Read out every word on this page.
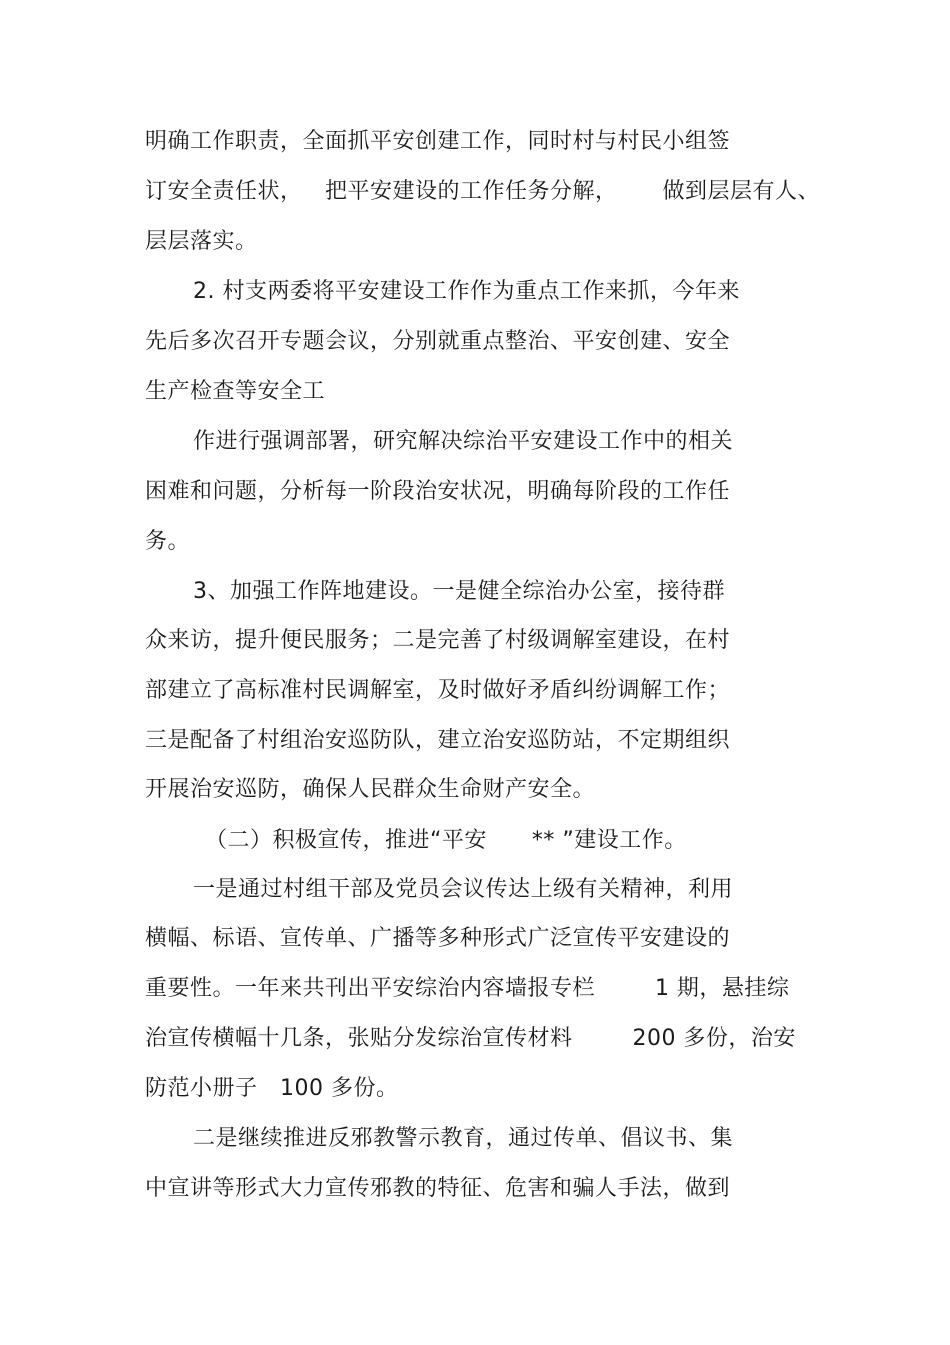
明确工作职责，全面抓平安创建工作，同时村与村民小组签
订安全责任状，   把平安建设的工作任务分解，      做到层层有人、
层层落实。
2. 村支两委将平安建设工作作为重点工作来抓，今年来
先后多次召开专题会议，分别就重点整治、平安创建、安全
生产检查等安全工
作进行强调部署，研究解决综治平安建设工作中的相关
困难和问题，分析每一阶段治安状况，明确每阶段的工作任
务。
3、加强工作阵地建设。一是健全综治办公室，接待群
众来访，提升便民服务；二是完善了村级调解室建设，在村
部建立了高标准村民调解室，及时做好矛盾纠纷调解工作；
三是配备了村组治安巡防队，建立治安巡防站，不定期组织
开展治安巡防，确保人民群众生命财产安全。
（二）积极宣传，推进“平安      ** ”建设工作。
一是通过村组干部及党员会议传达上级有关精神，利用
横幅、标语、宣传单、广播等多种形式广泛宣传平安建设的
重要性。一年来共刊出平安综治内容墙报专栏        1 期，悬挂综
治宣传横幅十几条，张贴分发综治宣传材料        200 多份，治安
防范小册子   100 多份。
二是继续推进反邪教警示教育，通过传单、倡议书、集
中宣讲等形式大力宣传邪教的特征、危害和骗人手法，做到
